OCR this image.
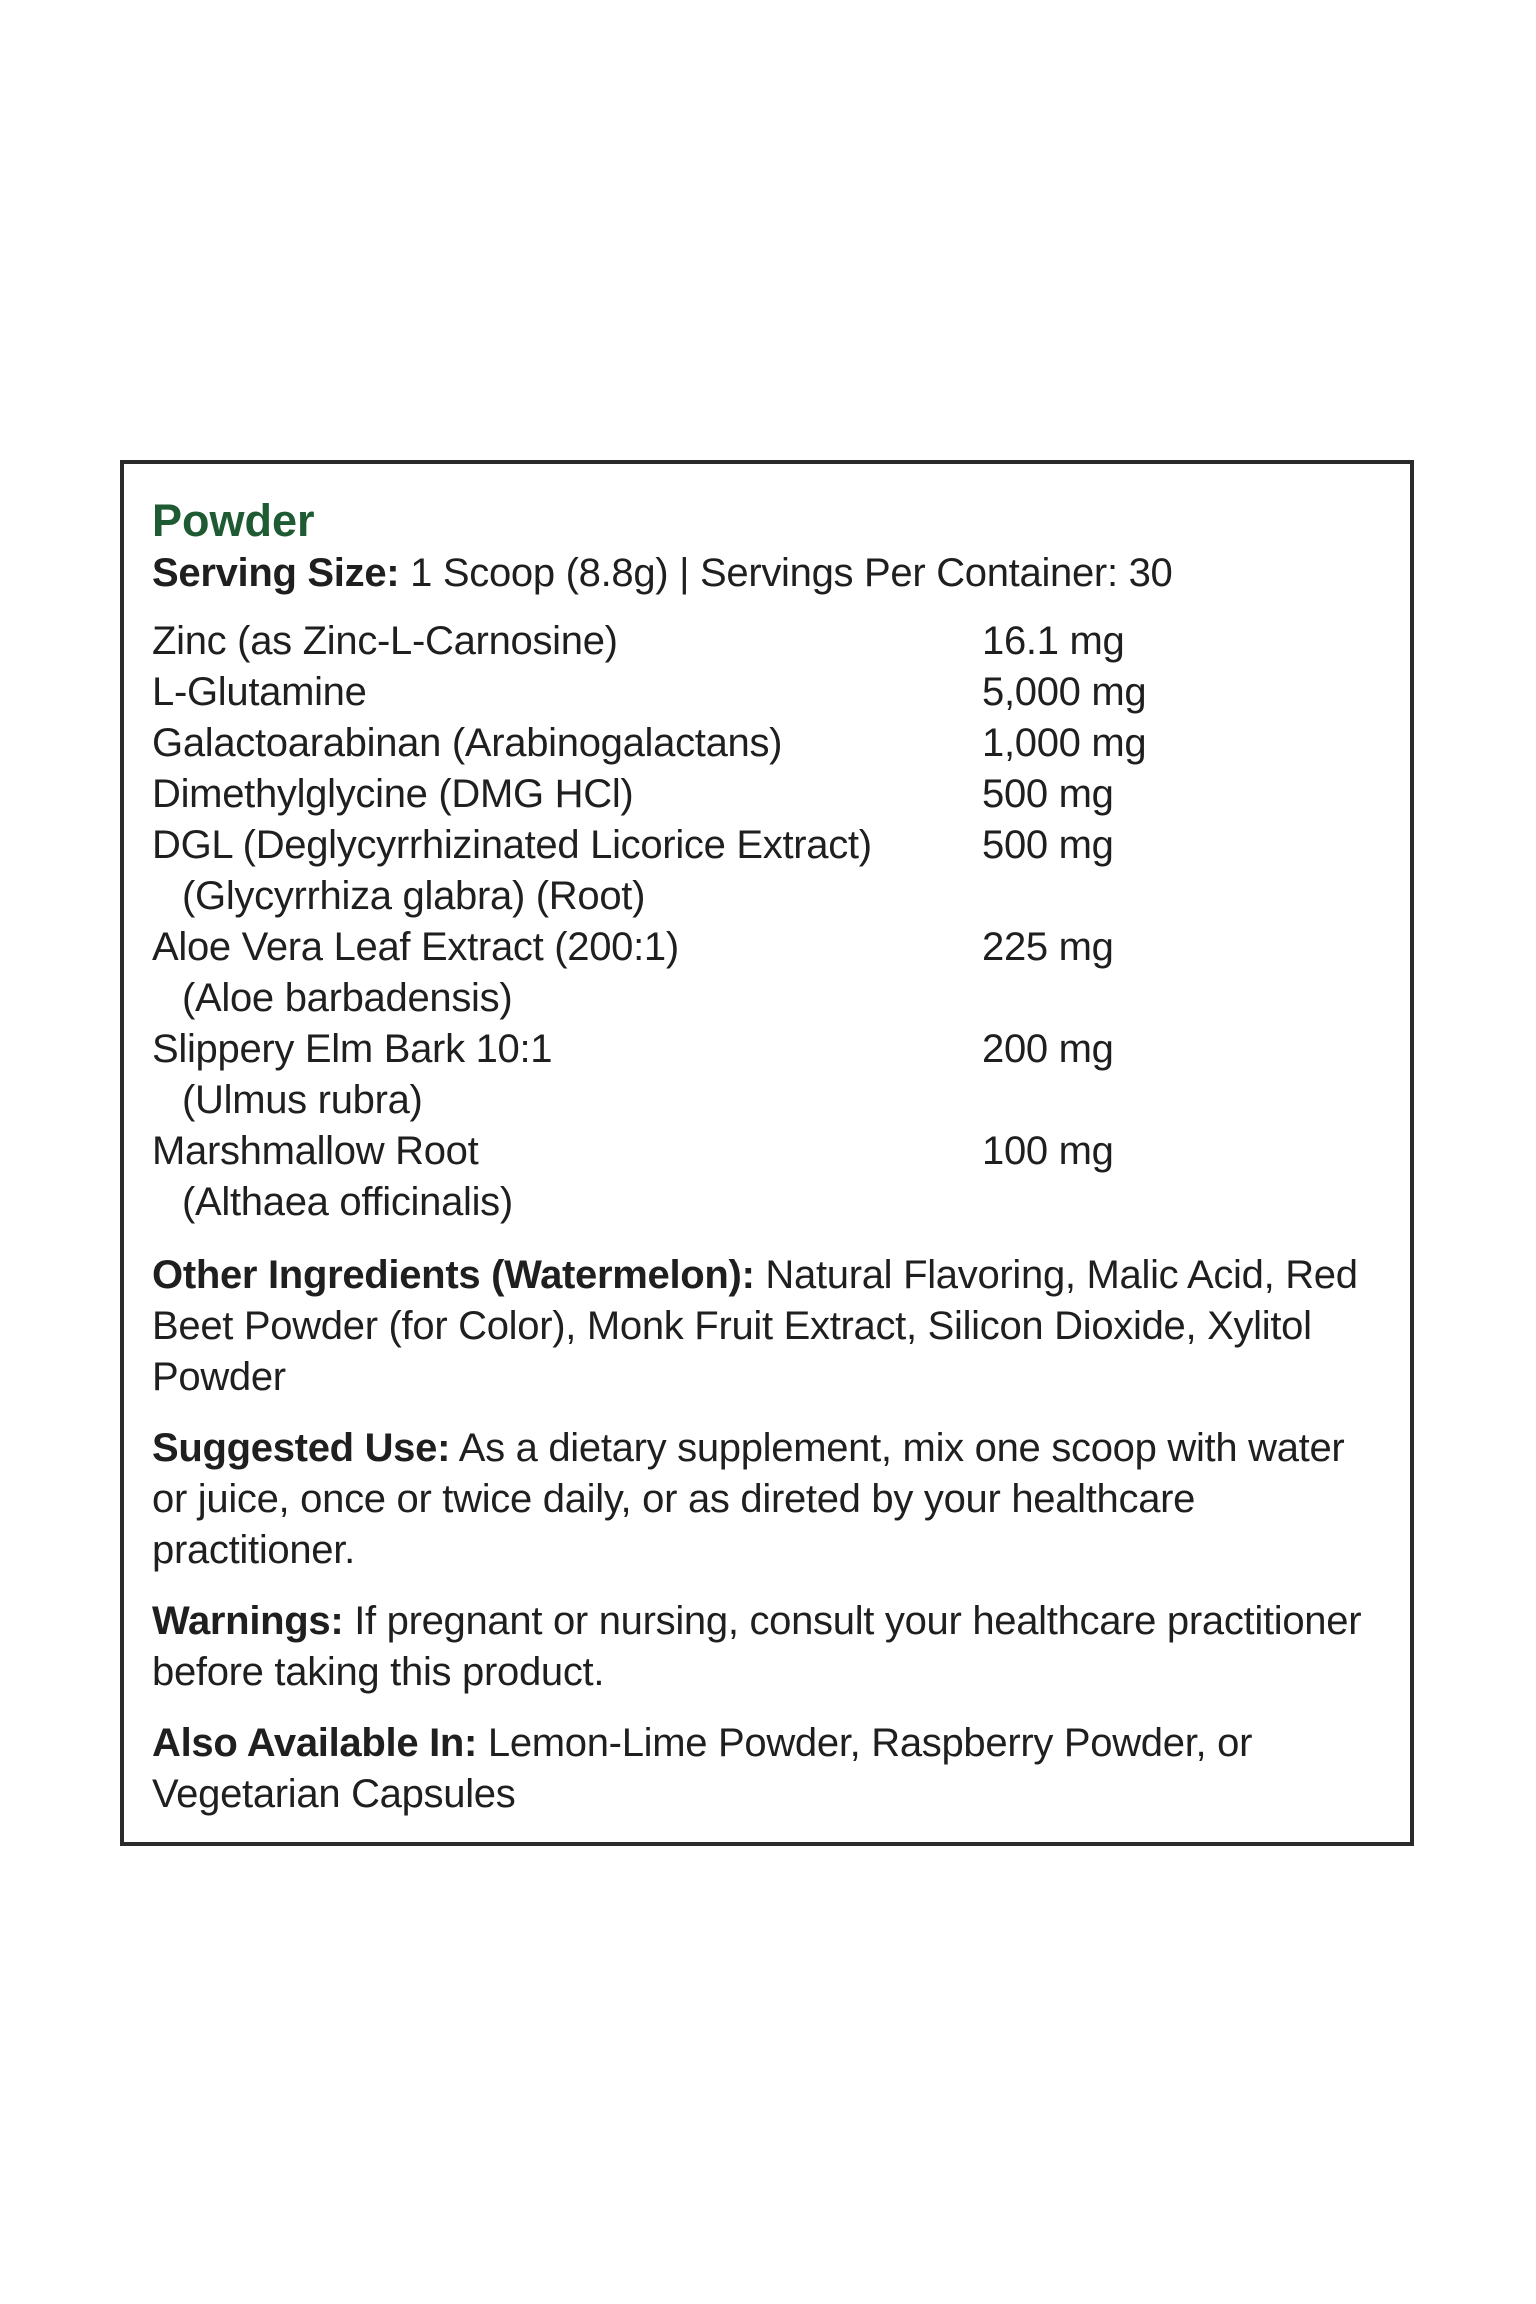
Powder

Serving Size: 1 Scoop (8.8g) | Servings Per Container: 30

Zinc (as Zinc-L-Carnosine)	16.1 mg
L-Glutamine	5,000 mg
Galactoarabinan (Arabinogalactans)	1,000 mg
Dimethylglycine (DMG HCl)	500 mg
DGL (Deglycyrrhizinated Licorice Extract)
(Glycyrrhiza glabra) (Root)	500 mg
Aloe Vera Leaf Extract (200:1)
(Aloe barbadensis)	225 mg
Slippery Elm Bark 10:1
(Ulmus rubra)	200 mg
Marshmallow Root
(Althaea officinalis)	100 mg

Other Ingredients (Watermelon): Natural Flavoring, Malic Acid, Red Beet Powder (for Color), Monk Fruit Extract, Silicon Dioxide, Xylitol Powder

Suggested Use: As a dietary supplement, mix one scoop with water or juice, once or twice daily, or as direted by your healthcare practitioner.

Warnings: If pregnant or nursing, consult your healthcare practitioner before taking this product.

Also Available In: Lemon-Lime Powder, Raspberry Powder, or Vegetarian Capsules
